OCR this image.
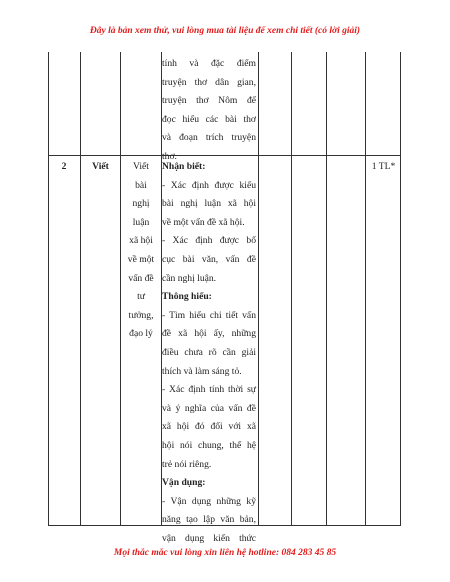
Đây là bản xem thử, vui lòng mua tài liệu để xem chi tiết (có lời giải)
tính và đặc điểm
truyện thơ dân gian,
truyện thơ Nôm để
đọc hiểu các bài thơ
và đoạn trích truyện
thơ.
2	Viết	Viết
bài
nghị
luận
xã hội
về một
vấn đề
tư
tưởng,
đạo lý
Nhận biết:
- Xác định được kiểu
bài nghị luận xã hội
về một vấn đề xã hội.
- Xác định được bố
cục bài văn, vấn đề
cần nghị luận.
Thông hiểu:
- Tìm hiểu chi tiết vấn
đề xã hội ấy, những
điều chưa rõ cần giải
thích và làm sáng tỏ.
- Xác định tính thời sự
và ý nghĩa của vấn đề
xã hội đó đối với xã
hội nói chung, thế hệ
trẻ nói riêng.
Vận dụng:
- Vận dụng những kỹ
năng tạo lập văn bản,
vận dụng kiến thức
1 TL*
Mọi thắc mắc vui lòng xin liên hệ hotline: 084 283 45 85
